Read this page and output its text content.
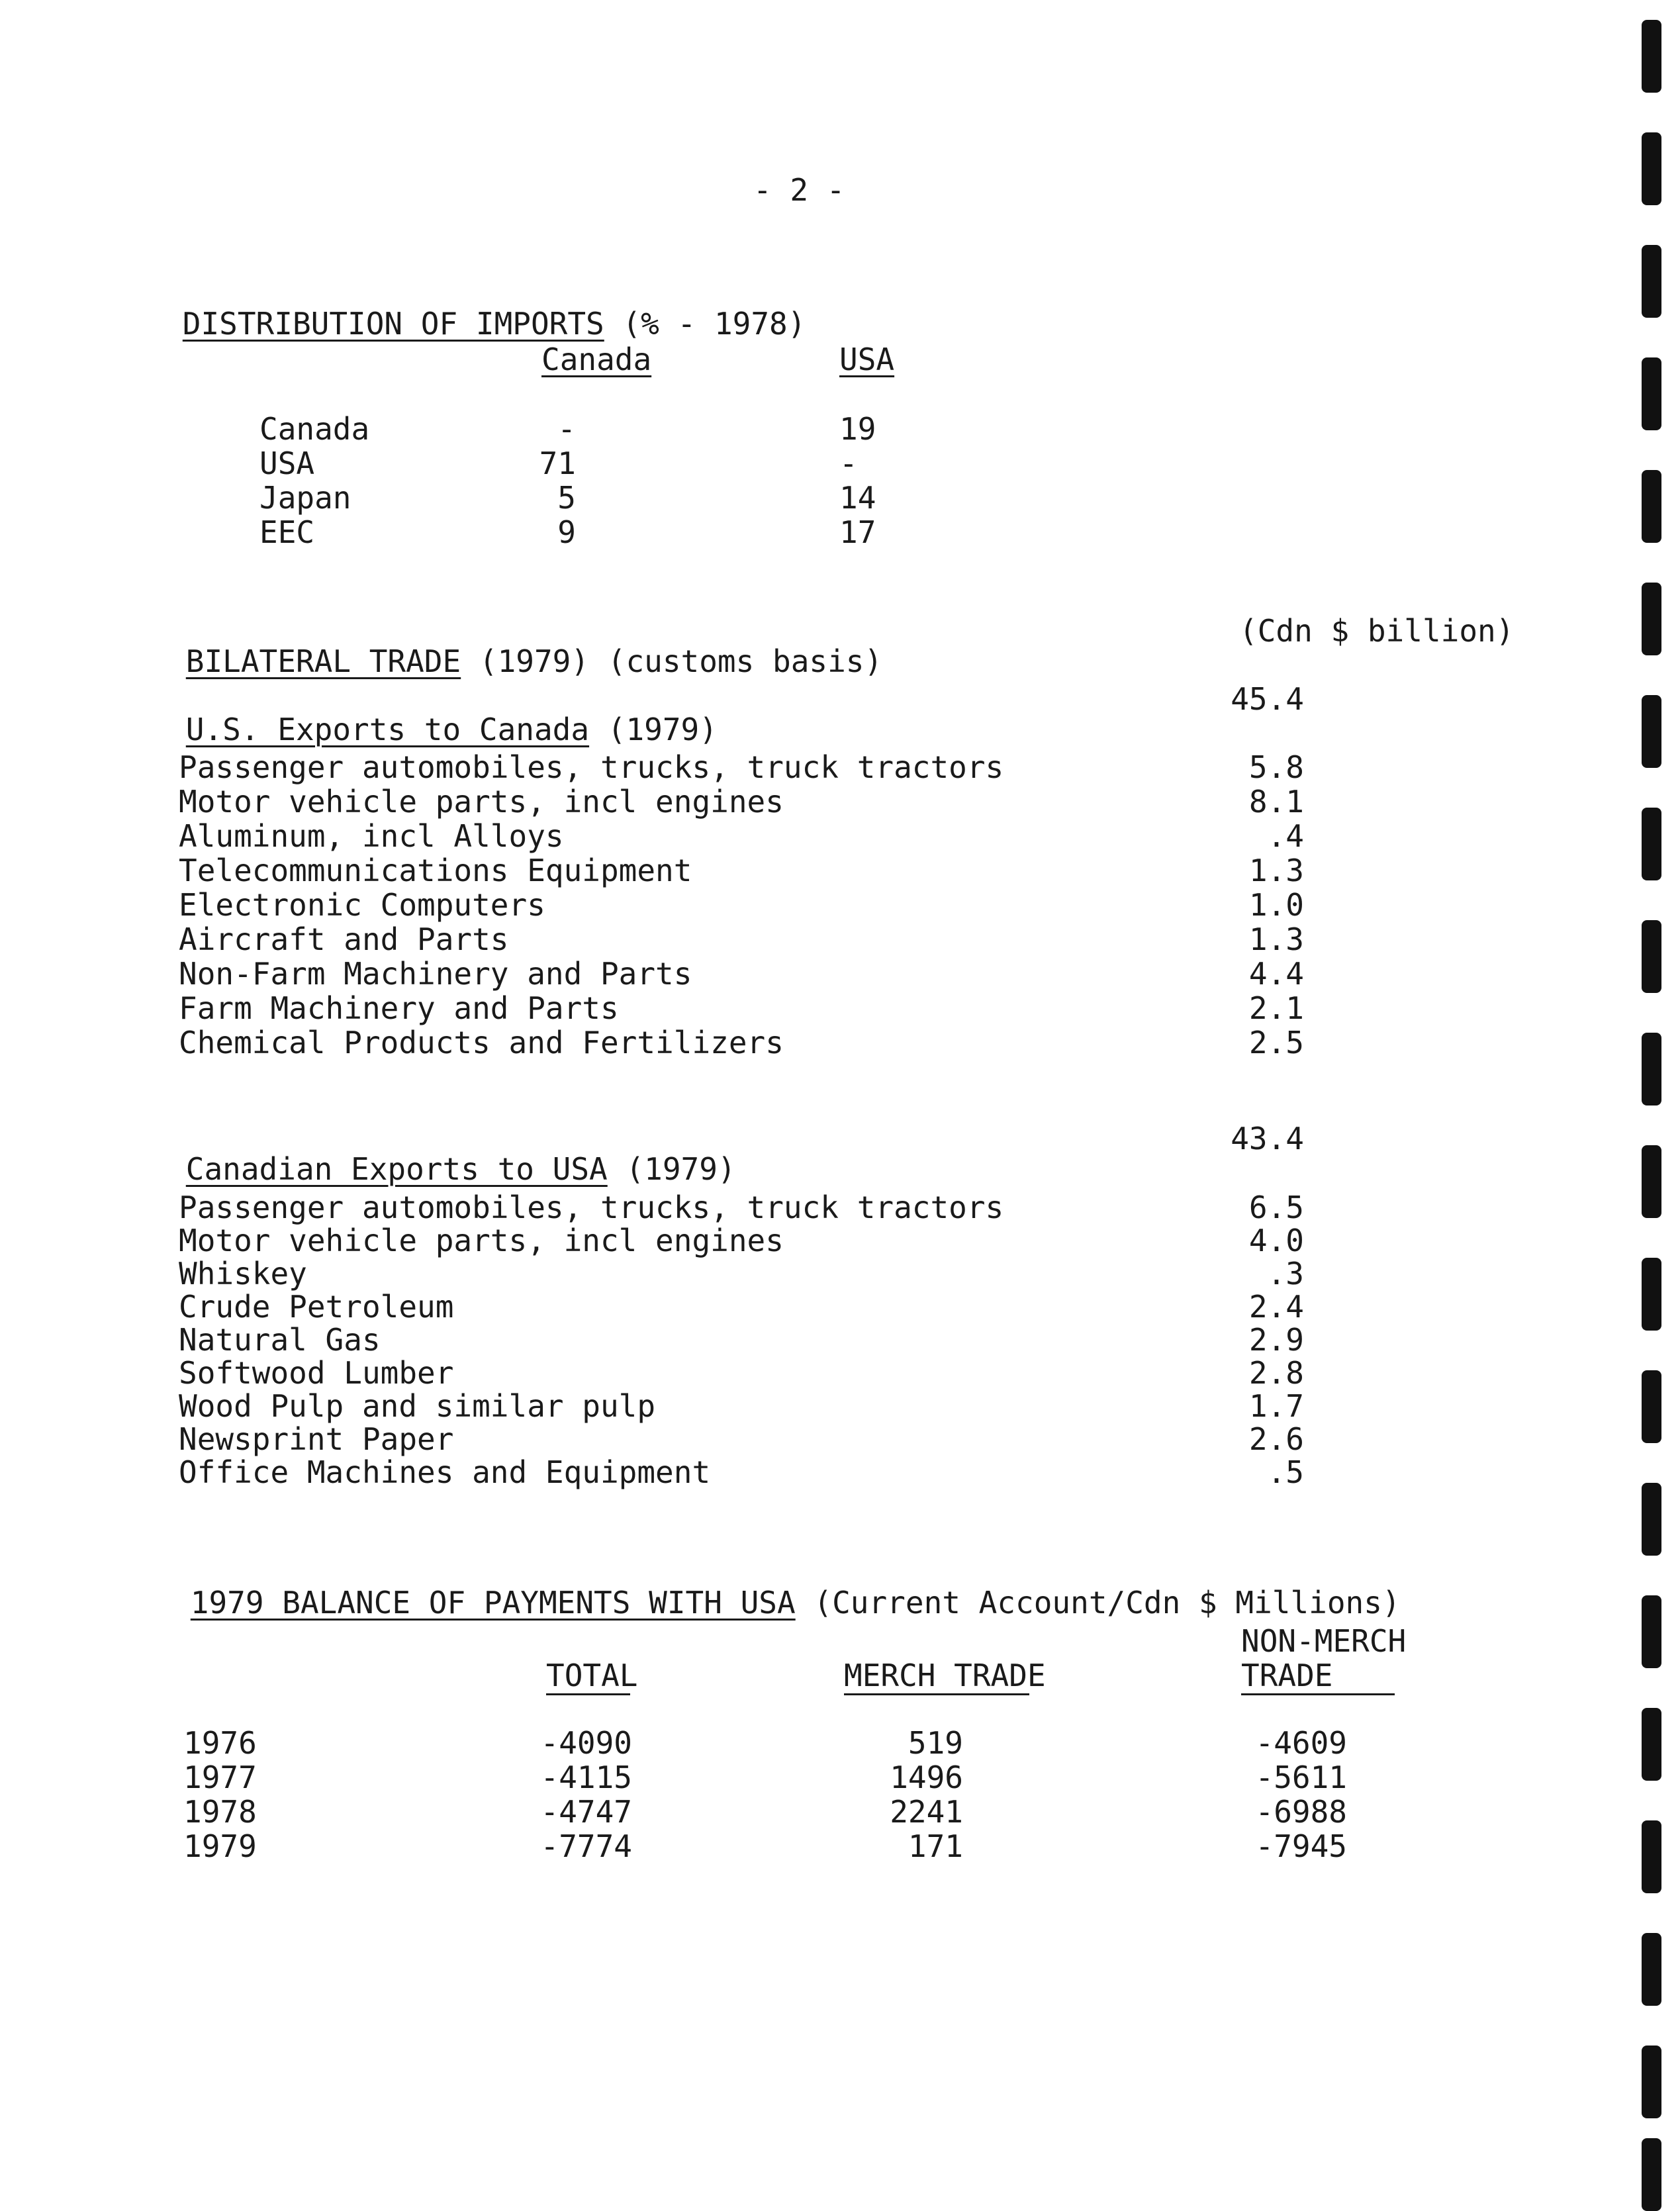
- 2 -

DISTRIBUTION OF IMPORTS (% - 1978)

Canada	USA
Canada	-	19
USA	71	-
Japan	5	14
EEC	9	17

BILATERAL TRADE (1979) (customs basis)

(Cdn $ billion)

U.S. Exports to Canada (1979)

45.4
Passenger automobiles, trucks, truck tractors	5.8
Motor vehicle parts, incl engines	8.1
Aluminum, incl Alloys	.4
Telecommunications Equipment	1.3
Electronic Computers	1.0
Aircraft and Parts	1.3
Non-Farm Machinery and Parts	4.4
Farm Machinery and Parts	2.1
Chemical Products and Fertilizers	2.5

Canadian Exports to USA (1979)

43.4
Passenger automobiles, trucks, truck tractors	6.5
Motor vehicle parts, incl engines	4.0
Whiskey	.3
Crude Petroleum	2.4
Natural Gas	2.9
Softwood Lumber	2.8
Wood Pulp and similar pulp	1.7
Newsprint Paper	2.6
Office Machines and Equipment	.5

1979 BALANCE OF PAYMENTS WITH USA (Current Account/Cdn $ Millions)

TOTAL	MERCH TRADE
NON-MERCH
TRADE
1976	-4090	519	-4609
1977	-4115	1496	-5611
1978	-4747	2241	-6988
1979	-7774	171	-7945
